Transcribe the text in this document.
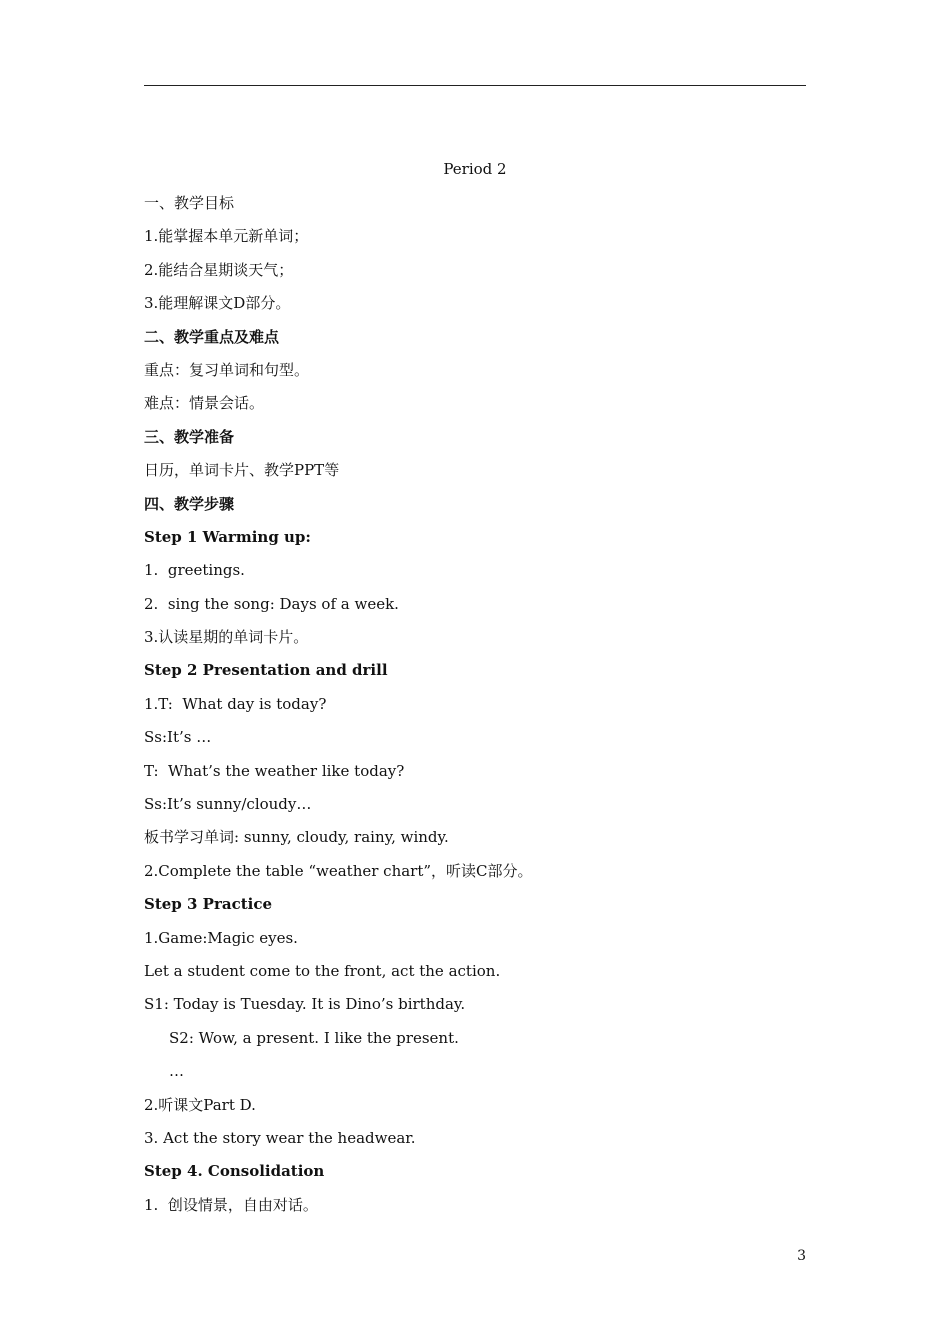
Period 2
一、教学目标
1.能掌握本单元新单词；
2.能结合星期谈天气；
3.能理解课文D部分。
二、教学重点及难点
重点：复习单词和句型。
难点：情景会话。
三、教学准备
日历，单词卡片、教学PPT等
四、教学步骤
Step 1 Warming up:
1.  greetings.
2.  sing the song: Days of a week.
3.认读星期的单词卡片。
Step 2 Presentation and drill
1.T:  What day is today?
Ss:It’s …
T:  What’s the weather like today?
Ss:It’s sunny/cloudy…
板书学习单词: sunny, cloudy, rainy, windy.
2.Complete the table “weather chart”，听读C部分。
Step 3 Practice
1.Game:Magic eyes.
Let a student come to the front, act the action.
S1: Today is Tuesday. It is Dino’s birthday.
S2: Wow, a present. I like the present.
…
2.听课文Part D.
3. Act the story wear the headwear.
Step 4. Consolidation
1.  创设情景，自由对话。
3
